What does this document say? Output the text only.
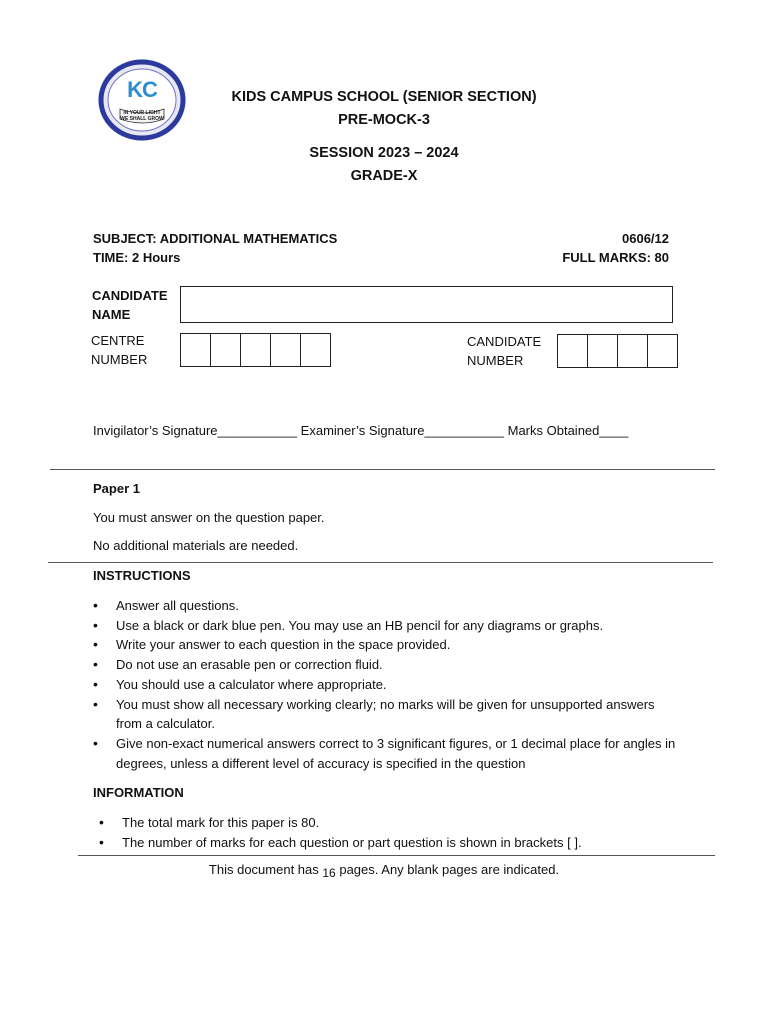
KC
IN YOUR LIGHT
WE SHALL GROW
KIDS CAMPUS SCHOOL (SENIOR SECTION)
PRE-MOCK-3
SESSION 2023 – 2024
GRADE-X
SUBJECT: ADDITIONAL MATHEMATICS	0606/12
TIME: 2 Hours	FULL MARKS: 80
CANDIDATE
NAME
CENTRE
NUMBER
CANDIDATE
NUMBER
Invigilator’s Signature___________ Examiner’s Signature___________ Marks Obtained____
Paper 1
You must answer on the question paper.
No additional materials are needed.
INSTRUCTIONS
• Answer all questions.
• Use a black or dark blue pen. You may use an HB pencil for any diagrams or graphs.
• Write your answer to each question in the space provided.
• Do not use an erasable pen or correction fluid.
• You should use a calculator where appropriate.
• You must show all necessary working clearly; no marks will be given for unsupported answers from a calculator.
• Give non-exact numerical answers correct to 3 significant figures, or 1 decimal place for angles in degrees, unless a different level of accuracy is specified in the question
INFORMATION
• The total mark for this paper is 80.
• The number of marks for each question or part question is shown in brackets [ ].
This document has 16 pages. Any blank pages are indicated.
